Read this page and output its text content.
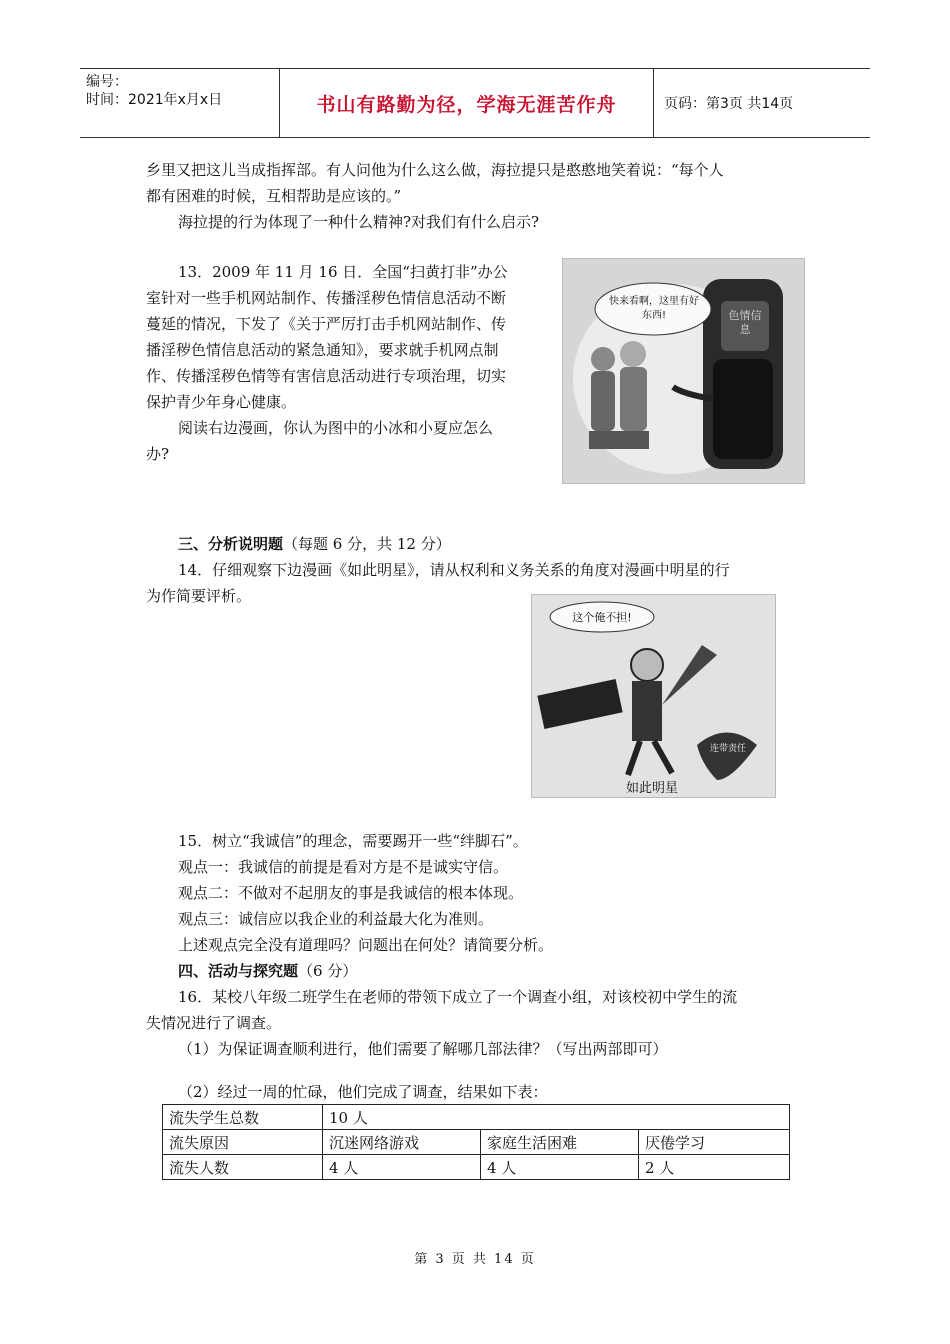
编号：
时间：2021年x月x日	书山有路勤为径，学海无涯苦作舟	页码：第3页 共14页
乡里又把这儿当成指挥部。有人问他为什么这么做，海拉提只是憨憨地笑着说：“每个人
都有困难的时候，互相帮助是应该的。”
海拉提的行为体现了一种什么精神?对我们有什么启示?
13．2009 年 11 月 16 日．全国“扫黄打非”办公
室针对一些手机网站制作、传播淫秽色情信息活动不断
蔓延的情况，下发了《关于严厉打击手机网站制作、传
播淫秽色情信息活动的紧急通知》，要求就手机网点制
作、传播淫秽色情等有害信息活动进行专项治理，切实
保护青少年身心健康。
阅读右边漫画，你认为图中的小冰和小夏应怎么
办?
快来看啊，这里有好东西!	色情信息
三、分析说明题（每题 6 分，共 12 分）
14．仔细观察下边漫画《如此明星》，请从权利和义务关系的角度对漫画中明星的行
为作简要评析。
这个俺不担!
连带责任
如此明星
15．树立“我诚信”的理念，需要踢开一些“绊脚石”。
观点一：我诚信的前提是看对方是不是诚实守信。
观点二：不做对不起朋友的事是我诚信的根本体现。
观点三：诚信应以我企业的利益最大化为准则。
上述观点完全没有道理吗？问题出在何处？请简要分析。
四、活动与探究题（6 分）
16．某校八年级二班学生在老师的带领下成立了一个调查小组，对该校初中学生的流
失情况进行了调查。
（1）为保证调查顺利进行，他们需要了解哪几部法律？（写出两部即可）
（2）经过一周的忙碌，他们完成了调查，结果如下表：
流失学生总数	10 人		
流失原因	沉迷网络游戏	家庭生活困难	厌倦学习
流失人数	4 人	4 人	2 人
第 3 页 共 14 页
